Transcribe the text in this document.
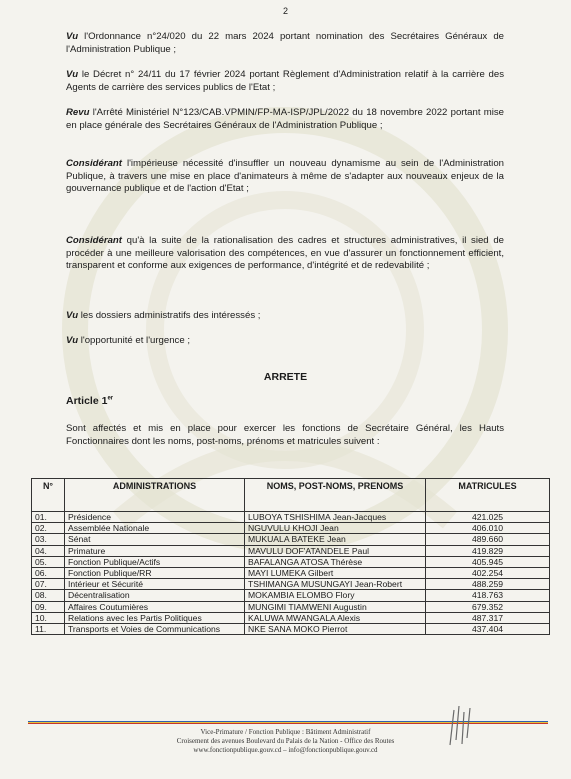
2
Vu l'Ordonnance n°24/020 du 22 mars 2024 portant nomination des Secrétaires Généraux de l'Administration Publique ;
Vu le Décret n° 24/11 du 17 février 2024 portant Règlement d'Administration relatif à la carrière des Agents de carrière des services publics de l'Etat ;
Revu l'Arrêté Ministériel N°123/CAB.VPMIN/FP-MA-ISP/JPL/2022 du 18 novembre 2022 portant mise en place générale des Secrétaires Généraux de l'Administration Publique ;
Considérant l'impérieuse nécessité d'insuffler un nouveau dynamisme au sein de l'Administration Publique, à travers une mise en place d'animateurs à même de s'adapter aux nouveaux enjeux de la gouvernance publique et de l'action d'Etat ;
Considérant qu'à la suite de la rationalisation des cadres et structures administratives, il sied de procéder à une meilleure valorisation des compétences, en vue d'assurer un fonctionnement efficient, transparent et conforme aux exigences de performance, d'intégrité et de redevabilité ;
Vu les dossiers administratifs des intéressés ;
Vu l'opportunité et l'urgence ;
ARRETE
Article 1er
Sont affectés et mis en place pour exercer les fonctions de Secrétaire Général, les Hauts Fonctionnaires dont les noms, post-noms, prénoms et matricules suivent :
N°	ADMINISTRATIONS	NOMS, POST-NOMS, PRENOMS	MATRICULES
01.	Présidence	LUBOYA TSHISHIMA Jean-Jacques	421.025
02.	Assemblée Nationale	NGUVULU KHOJI Jean	406.010
03.	Sénat	MUKUALA BATEKE Jean	489.660
04.	Primature	MAVULU DOF'ATANDELE Paul	419.829
05.	Fonction Publique/Actifs	BAFALANGA ATOSA Thérèse	405.945
06.	Fonction Publique/RR	MAYI LUMEKA Gilbert	402.254
07.	Intérieur et Sécurité	TSHIMANGA MUSUNGAYI Jean-Robert	488.259
08.	Décentralisation	MOKAMBIA ELOMBO Flory	418.763
09.	Affaires Coutumières	MUNGIMI TIAMWENI Augustin	679.352
10.	Relations avec les Partis Politiques	KALUWA MWANGALA Alexis	487.317
11.	Transports et Voies de Communications	NKE SANA MOKO Pierrot	437.404
Vice-Primature / Fonction Publique : Bâtiment Administratif
Croisement des avenues Boulevard du Palais de la Nation - Office des Routes
www.fonctionpublique.gouv.cd – info@fonctionpublique.gouv.cd
